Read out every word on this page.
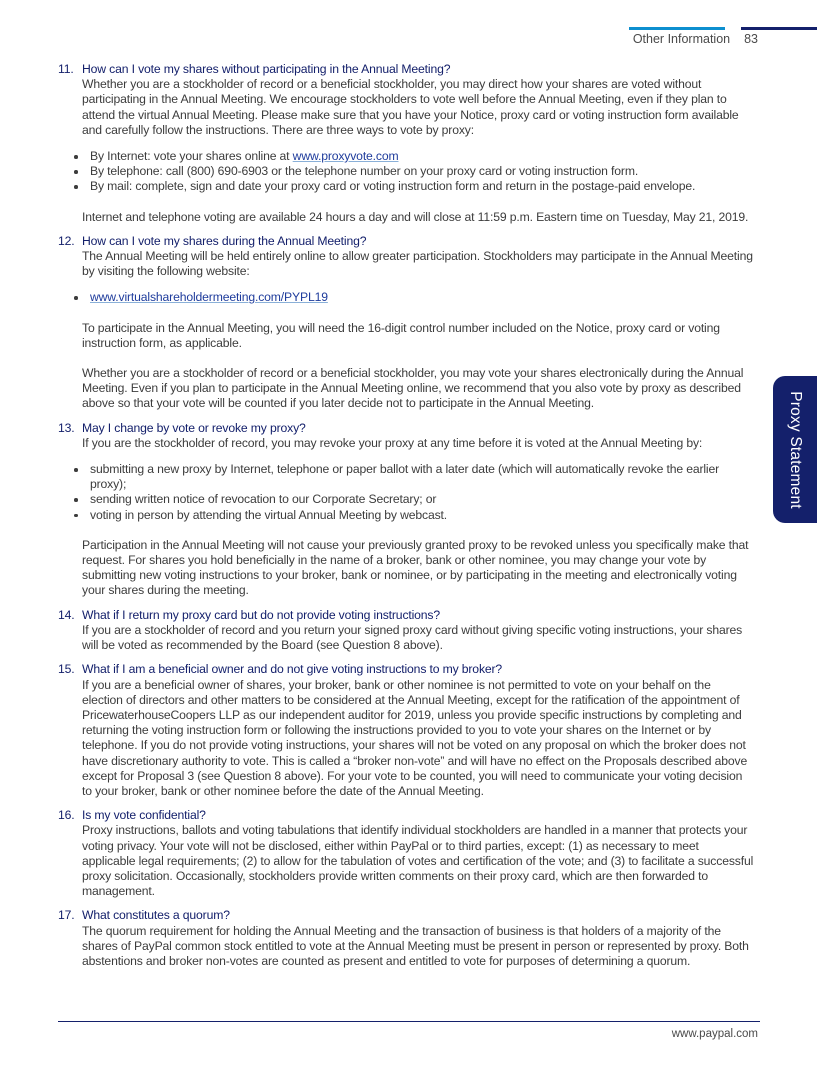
Other Information 83
Proxy Statement
11. How can I vote my shares without participating in the Annual Meeting?

Whether you are a stockholder of record or a beneficial stockholder, you may direct how your shares are voted without participating in the Annual Meeting. We encourage stockholders to vote well before the Annual Meeting, even if they plan to attend the virtual Annual Meeting. Please make sure that you have your Notice, proxy card or voting instruction form available and carefully follow the instructions. There are three ways to vote by proxy:

By Internet: vote your shares online at www.proxyvote.com
By telephone: call (800) 690-6903 or the telephone number on your proxy card or voting instruction form.
By mail: complete, sign and date your proxy card or voting instruction form and return in the postage-paid envelope.

Internet and telephone voting are available 24 hours a day and will close at 11:59 p.m. Eastern time on Tuesday, May 21, 2019.

12. How can I vote my shares during the Annual Meeting?

The Annual Meeting will be held entirely online to allow greater participation. Stockholders may participate in the Annual Meeting by visiting the following website:

www.virtualshareholdermeeting.com/PYPL19

To participate in the Annual Meeting, you will need the 16-digit control number included on the Notice, proxy card or voting instruction form, as applicable.

Whether you are a stockholder of record or a beneficial stockholder, you may vote your shares electronically during the Annual Meeting. Even if you plan to participate in the Annual Meeting online, we recommend that you also vote by proxy as described above so that your vote will be counted if you later decide not to participate in the Annual Meeting.

13. May I change by vote or revoke my proxy?

If you are the stockholder of record, you may revoke your proxy at any time before it is voted at the Annual Meeting by:

submitting a new proxy by Internet, telephone or paper ballot with a later date (which will automatically revoke the earlier proxy);
sending written notice of revocation to our Corporate Secretary; or
voting in person by attending the virtual Annual Meeting by webcast.

Participation in the Annual Meeting will not cause your previously granted proxy to be revoked unless you specifically make that request. For shares you hold beneficially in the name of a broker, bank or other nominee, you may change your vote by submitting new voting instructions to your broker, bank or nominee, or by participating in the meeting and electronically voting your shares during the meeting.

14. What if I return my proxy card but do not provide voting instructions?

If you are a stockholder of record and you return your signed proxy card without giving specific voting instructions, your shares will be voted as recommended by the Board (see Question 8 above).

15. What if I am a beneficial owner and do not give voting instructions to my broker?

If you are a beneficial owner of shares, your broker, bank or other nominee is not permitted to vote on your behalf on the election of directors and other matters to be considered at the Annual Meeting, except for the ratification of the appointment of PricewaterhouseCoopers LLP as our independent auditor for 2019, unless you provide specific instructions by completing and returning the voting instruction form or following the instructions provided to you to vote your shares on the Internet or by telephone. If you do not provide voting instructions, your shares will not be voted on any proposal on which the broker does not have discretionary authority to vote. This is called a “broker non-vote” and will have no effect on the Proposals described above except for Proposal 3 (see Question 8 above). For your vote to be counted, you will need to communicate your voting decision to your broker, bank or other nominee before the date of the Annual Meeting.

16. Is my vote confidential?

Proxy instructions, ballots and voting tabulations that identify individual stockholders are handled in a manner that protects your voting privacy. Your vote will not be disclosed, either within PayPal or to third parties, except: (1) as necessary to meet applicable legal requirements; (2) to allow for the tabulation of votes and certification of the vote; and (3) to facilitate a successful proxy solicitation. Occasionally, stockholders provide written comments on their proxy card, which are then forwarded to management.

17. What constitutes a quorum?

The quorum requirement for holding the Annual Meeting and the transaction of business is that holders of a majority of the shares of PayPal common stock entitled to vote at the Annual Meeting must be present in person or represented by proxy. Both abstentions and broker non-votes are counted as present and entitled to vote for purposes of determining a quorum.

www.paypal.com
